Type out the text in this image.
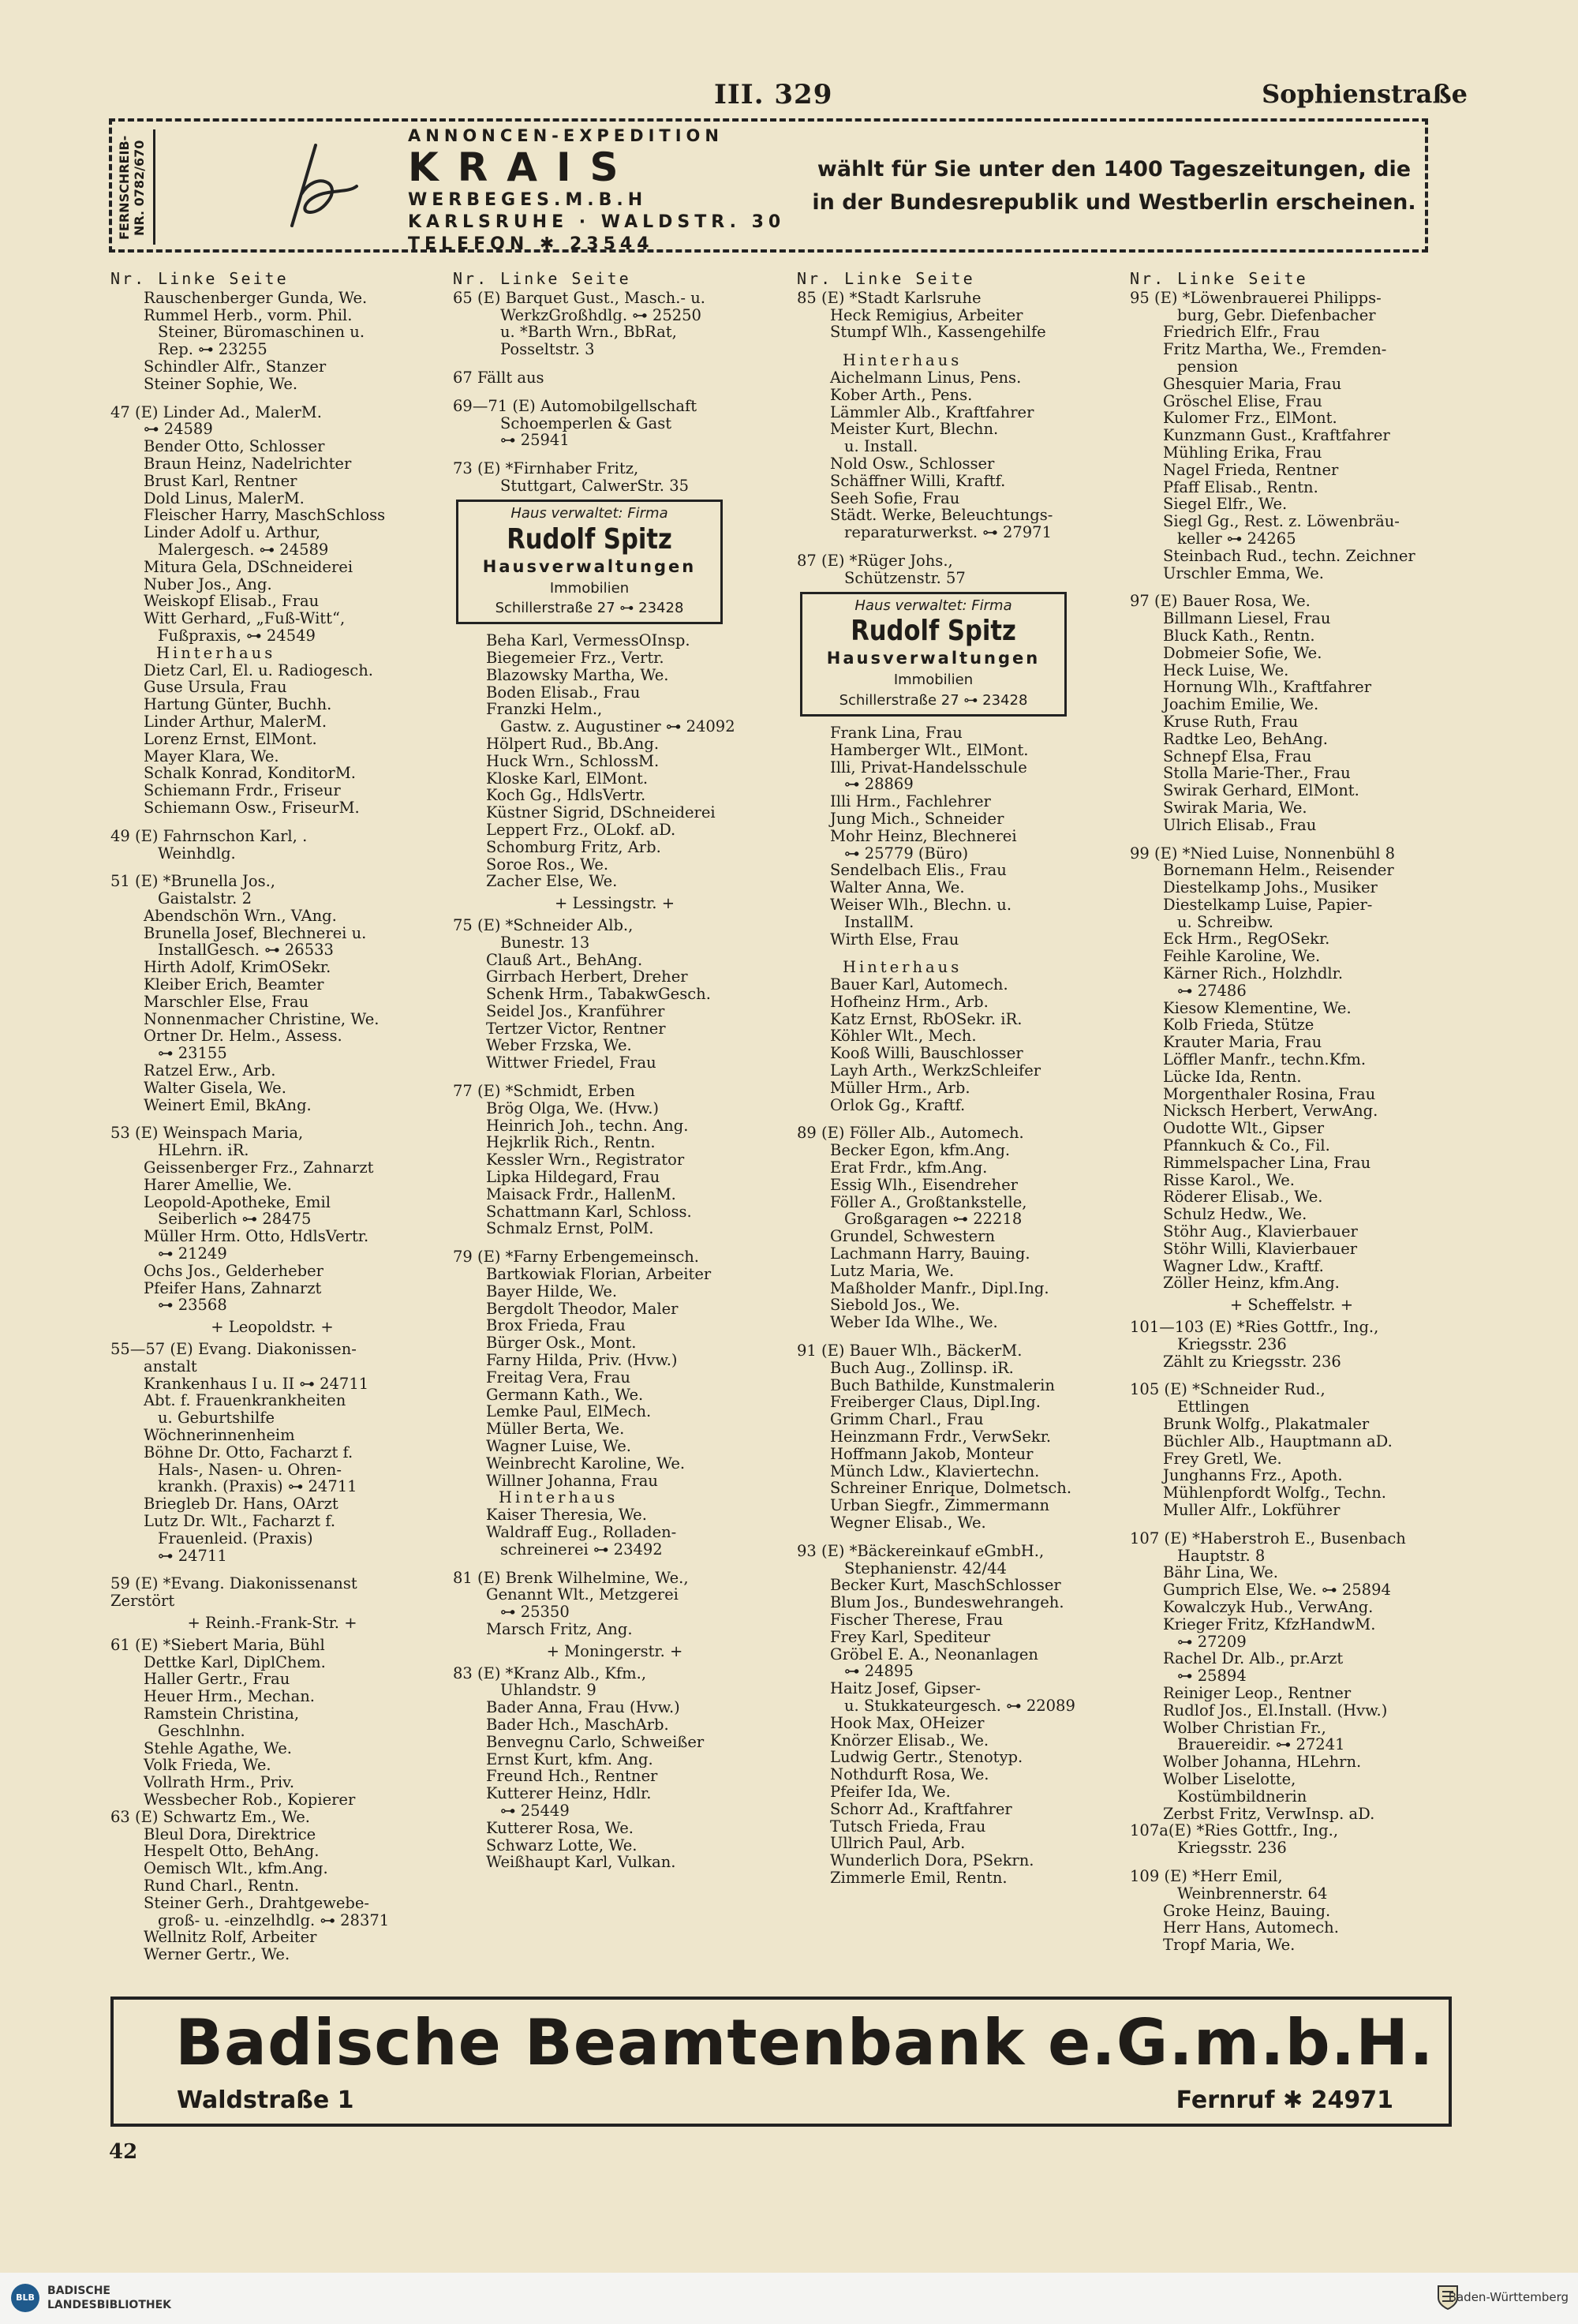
III. 329	Sophienstraße
FERNSCHREIB-NR. 0782/670
ANNONCEN-EXPEDITION
KRAIS
WERBEGES.M.B.H
KARLSRUHE · WALDSTR. 30
TELEFON ✱ 23544
wählt für Sie unter den 1400 Tageszeitungen, die
in der Bundesrepublik und Westberlin erscheinen.
Nr. Linke Seite
Rauschenberger Gunda, We.
Rummel Herb., vorm. Phil.
Steiner, Büromaschinen u.
Rep. ⊶ 23255
Schindler Alfr., Stanzer
Steiner Sophie, We.
47 (E) Linder Ad., MalerM.
⊶ 24589
Bender Otto, Schlosser
Braun Heinz, Nadelrichter
Brust Karl, Rentner
Dold Linus, MalerM.
Fleischer Harry, MaschSchloss
Linder Adolf u. Arthur,
Malergesch. ⊶ 24589
Mitura Gela, DSchneiderei
Nuber Jos., Ang.
Weiskopf Elisab., Frau
Witt Gerhard, „Fuß-Witt“,
Fußpraxis, ⊶ 24549
Hinterhaus
Dietz Carl, El. u. Radiogesch.
Guse Ursula, Frau
Hartung Günter, Buchh.
Linder Arthur, MalerM.
Lorenz Ernst, ElMont.
Mayer Klara, We.
Schalk Konrad, KonditorM.
Schiemann Frdr., Friseur
Schiemann Osw., FriseurM.
49 (E) Fahrnschon Karl, .
Weinhdlg.
51 (E) *Brunella Jos.,
Gaistalstr. 2
Abendschön Wrn., VAng.
Brunella Josef, Blechnerei u.
InstallGesch. ⊶ 26533
Hirth Adolf, KrimOSekr.
Kleiber Erich, Beamter
Marschler Else, Frau
Nonnenmacher Christine, We.
Ortner Dr. Helm., Assess.
⊶ 23155
Ratzel Erw., Arb.
Walter Gisela, We.
Weinert Emil, BkAng.
53 (E) Weinspach Maria,
HLehrn. iR.
Geissenberger Frz., Zahnarzt
Harer Amellie, We.
Leopold-Apotheke, Emil
Seiberlich ⊶ 28475
Müller Hrm. Otto, HdlsVertr.
⊶ 21249
Ochs Jos., Gelderheber
Pfeifer Hans, Zahnarzt
⊶ 23568
+ Leopoldstr. +
55—57 (E) Evang. Diakonissen-
anstalt
Krankenhaus I u. II ⊶ 24711
Abt. f. Frauenkrankheiten
u. Geburtshilfe
Wöchnerinnenheim
Böhne Dr. Otto, Facharzt f.
Hals-, Nasen- u. Ohren-
krankh. (Praxis) ⊶ 24711
Briegleb Dr. Hans, OArzt
Lutz Dr. Wlt., Facharzt f.
Frauenleid. (Praxis)
⊶ 24711
59 (E) *Evang. Diakonissenanst
Zerstört
+ Reinh.-Frank-Str. +
61 (E) *Siebert Maria, Bühl
Dettke Karl, DiplChem.
Haller Gertr., Frau
Heuer Hrm., Mechan.
Ramstein Christina,
Geschlnhn.
Stehle Agathe, We.
Volk Frieda, We.
Vollrath Hrm., Priv.
Wessbecher Rob., Kopierer
63 (E) Schwartz Em., We.
Bleul Dora, Direktrice
Hespelt Otto, BehAng.
Oemisch Wlt., kfm.Ang.
Rund Charl., Rentn.
Steiner Gerh., Drahtgewebe-
groß- u. -einzelhdlg. ⊶ 28371
Wellnitz Rolf, Arbeiter
Werner Gertr., We.
Nr. Linke Seite
65 (E) Barquet Gust., Masch.- u.
WerkzGroßhdlg. ⊶ 25250
u. *Barth Wrn., BbRat,
Posseltstr. 3
67 Fällt aus
69—71 (E) Automobilgellschaft
Schoemperlen & Gast
⊶ 25941
73 (E) *Firnhaber Fritz,
Stuttgart, CalwerStr. 35
Haus verwaltet: Firma
Rudolf Spitz
Hausverwaltungen
Immobilien
Schillerstraße 27 ⊶ 23428
Beha Karl, VermessOInsp.
Biegemeier Frz., Vertr.
Blazowsky Martha, We.
Boden Elisab., Frau
Franzki Helm.,
Gastw. z. Augustiner ⊶ 24092
Hölpert Rud., Bb.Ang.
Huck Wrn., SchlossM.
Kloske Karl, ElMont.
Koch Gg., HdlsVertr.
Küstner Sigrid, DSchneiderei
Leppert Frz., OLokf. aD.
Schomburg Fritz, Arb.
Soroe Ros., We.
Zacher Else, We.
+ Lessingstr. +
75 (E) *Schneider Alb.,
Bunestr. 13
Clauß Art., BehAng.
Girrbach Herbert, Dreher
Schenk Hrm., TabakwGesch.
Seidel Jos., Kranführer
Tertzer Victor, Rentner
Weber Frzska, We.
Wittwer Friedel, Frau
77 (E) *Schmidt, Erben
Brög Olga, We. (Hvw.)
Heinrich Joh., techn. Ang.
Hejkrlik Rich., Rentn.
Kessler Wrn., Registrator
Lipka Hildegard, Frau
Maisack Frdr., HallenM.
Schattmann Karl, Schloss.
Schmalz Ernst, PolM.
79 (E) *Farny Erbengemeinsch.
Bartkowiak Florian, Arbeiter
Bayer Hilde, We.
Bergdolt Theodor, Maler
Brox Frieda, Frau
Bürger Osk., Mont.
Farny Hilda, Priv. (Hvw.)
Freitag Vera, Frau
Germann Kath., We.
Lemke Paul, ElMech.
Müller Berta, We.
Wagner Luise, We.
Weinbrecht Karoline, We.
Willner Johanna, Frau
Hinterhaus
Kaiser Theresia, We.
Waldraff Eug., Rolladen-
schreinerei ⊶ 23492
81 (E) Brenk Wilhelmine, We.,
Genannt Wlt., Metzgerei
⊶ 25350
Marsch Fritz, Ang.
+ Moningerstr. +
83 (E) *Kranz Alb., Kfm.,
Uhlandstr. 9
Bader Anna, Frau (Hvw.)
Bader Hch., MaschArb.
Benvegnu Carlo, Schweißer
Ernst Kurt, kfm. Ang.
Freund Hch., Rentner
Kutterer Heinz, Hdlr.
⊶ 25449
Kutterer Rosa, We.
Schwarz Lotte, We.
Weißhaupt Karl, Vulkan.
Nr. Linke Seite
85 (E) *Stadt Karlsruhe
Heck Remigius, Arbeiter
Stumpf Wlh., Kassengehilfe
Hinterhaus
Aichelmann Linus, Pens.
Kober Arth., Pens.
Lämmler Alb., Kraftfahrer
Meister Kurt, Blechn.
u. Install.
Nold Osw., Schlosser
Schäffner Willi, Kraftf.
Seeh Sofie, Frau
Städt. Werke, Beleuchtungs-
reparaturwerkst. ⊶ 27971
87 (E) *Rüger Johs.,
Schützenstr. 57
Haus verwaltet: Firma
Rudolf Spitz
Hausverwaltungen
Immobilien
Schillerstraße 27 ⊶ 23428
Frank Lina, Frau
Hamberger Wlt., ElMont.
Illi, Privat-Handelsschule
⊶ 28869
Illi Hrm., Fachlehrer
Jung Mich., Schneider
Mohr Heinz, Blechnerei
⊶ 25779 (Büro)
Sendelbach Elis., Frau
Walter Anna, We.
Weiser Wlh., Blechn. u.
InstallM.
Wirth Else, Frau
Hinterhaus
Bauer Karl, Automech.
Hofheinz Hrm., Arb.
Katz Ernst, RbOSekr. iR.
Köhler Wlt., Mech.
Kooß Willi, Bauschlosser
Layh Arth., WerkzSchleifer
Müller Hrm., Arb.
Orlok Gg., Kraftf.
89 (E) Föller Alb., Automech.
Becker Egon, kfm.Ang.
Erat Frdr., kfm.Ang.
Essig Wlh., Eisendreher
Föller A., Großtankstelle,
Großgaragen ⊶ 22218
Grundel, Schwestern
Lachmann Harry, Bauing.
Lutz Maria, We.
Maßholder Manfr., Dipl.Ing.
Siebold Jos., We.
Weber Ida Wlhe., We.
91 (E) Bauer Wlh., BäckerM.
Buch Aug., Zollinsp. iR.
Buch Bathilde, Kunstmalerin
Freiberger Claus, Dipl.Ing.
Grimm Charl., Frau
Heinzmann Frdr., VerwSekr.
Hoffmann Jakob, Monteur
Münch Ldw., Klaviertechn.
Schreiner Enrique, Dolmetsch.
Urban Siegfr., Zimmermann
Wegner Elisab., We.
93 (E) *Bäckereinkauf eGmbH.,
Stephanienstr. 42/44
Becker Kurt, MaschSchlosser
Blum Jos., Bundeswehrangeh.
Fischer Therese, Frau
Frey Karl, Spediteur
Gröbel E. A., Neonanlagen
⊶ 24895
Haitz Josef, Gipser-
u. Stukkateurgesch. ⊶ 22089
Hook Max, OHeizer
Knörzer Elisab., We.
Ludwig Gertr., Stenotyp.
Nothdurft Rosa, We.
Pfeifer Ida, We.
Schorr Ad., Kraftfahrer
Tutsch Frieda, Frau
Ullrich Paul, Arb.
Wunderlich Dora, PSekrn.
Zimmerle Emil, Rentn.
Nr. Linke Seite
95 (E) *Löwenbrauerei Philipps-
burg, Gebr. Diefenbacher
Friedrich Elfr., Frau
Fritz Martha, We., Fremden-
pension
Ghesquier Maria, Frau
Gröschel Elise, Frau
Kulomer Frz., ElMont.
Kunzmann Gust., Kraftfahrer
Mühling Erika, Frau
Nagel Frieda, Rentner
Pfaff Elisab., Rentn.
Siegel Elfr., We.
Siegl Gg., Rest. z. Löwenbräu-
keller ⊶ 24265
Steinbach Rud., techn. Zeichner
Urschler Emma, We.
97 (E) Bauer Rosa, We.
Billmann Liesel, Frau
Bluck Kath., Rentn.
Dobmeier Sofie, We.
Heck Luise, We.
Hornung Wlh., Kraftfahrer
Joachim Emilie, We.
Kruse Ruth, Frau
Radtke Leo, BehAng.
Schnepf Elsa, Frau
Stolla Marie-Ther., Frau
Swirak Gerhard, ElMont.
Swirak Maria, We.
Ulrich Elisab., Frau
99 (E) *Nied Luise, Nonnenbühl 8
Bornemann Helm., Reisender
Diestelkamp Johs., Musiker
Diestelkamp Luise, Papier-
u. Schreibw.
Eck Hrm., RegOSekr.
Feihle Karoline, We.
Kärner Rich., Holzhdlr.
⊶ 27486
Kiesow Klementine, We.
Kolb Frieda, Stütze
Krauter Maria, Frau
Löffler Manfr., techn.Kfm.
Lücke Ida, Rentn.
Morgenthaler Rosina, Frau
Nicksch Herbert, VerwAng.
Oudotte Wlt., Gipser
Pfannkuch & Co., Fil.
Rimmelspacher Lina, Frau
Risse Karol., We.
Röderer Elisab., We.
Schulz Hedw., We.
Stöhr Aug., Klavierbauer
Stöhr Willi, Klavierbauer
Wagner Ldw., Kraftf.
Zöller Heinz, kfm.Ang.
+ Scheffelstr. +
101—103 (E) *Ries Gottfr., Ing.,
Kriegsstr. 236
Zählt zu Kriegsstr. 236
105 (E) *Schneider Rud.,
Ettlingen
Brunk Wolfg., Plakatmaler
Büchler Alb., Hauptmann aD.
Frey Gretl, We.
Junghanns Frz., Apoth.
Mühlenpfordt Wolfg., Techn.
Muller Alfr., Lokführer
107 (E) *Haberstroh E., Busenbach
Hauptstr. 8
Bähr Lina, We.
Gumprich Else, We. ⊶ 25894
Kowalczyk Hub., VerwAng.
Krieger Fritz, KfzHandwM.
⊶ 27209
Rachel Dr. Alb., pr.Arzt
⊶ 25894
Reiniger Leop., Rentner
Rudlof Jos., El.Install. (Hvw.)
Wolber Christian Fr.,
Brauereidir. ⊶ 27241
Wolber Johanna, HLehrn.
Wolber Liselotte,
Kostümbildnerin
Zerbst Fritz, VerwInsp. aD.
107a(E) *Ries Gottfr., Ing.,
Kriegsstr. 236
109 (E) *Herr Emil,
Weinbrennerstr. 64
Groke Heinz, Bauing.
Herr Hans, Automech.
Tropf Maria, We.
Badische Beamtenbank e.G.m.b.H.
Waldstraße 1	Fernruf ✱ 24971
42
BLB
BADISCHE
LANDESBIBLIOTHEK
Baden-Württemberg
